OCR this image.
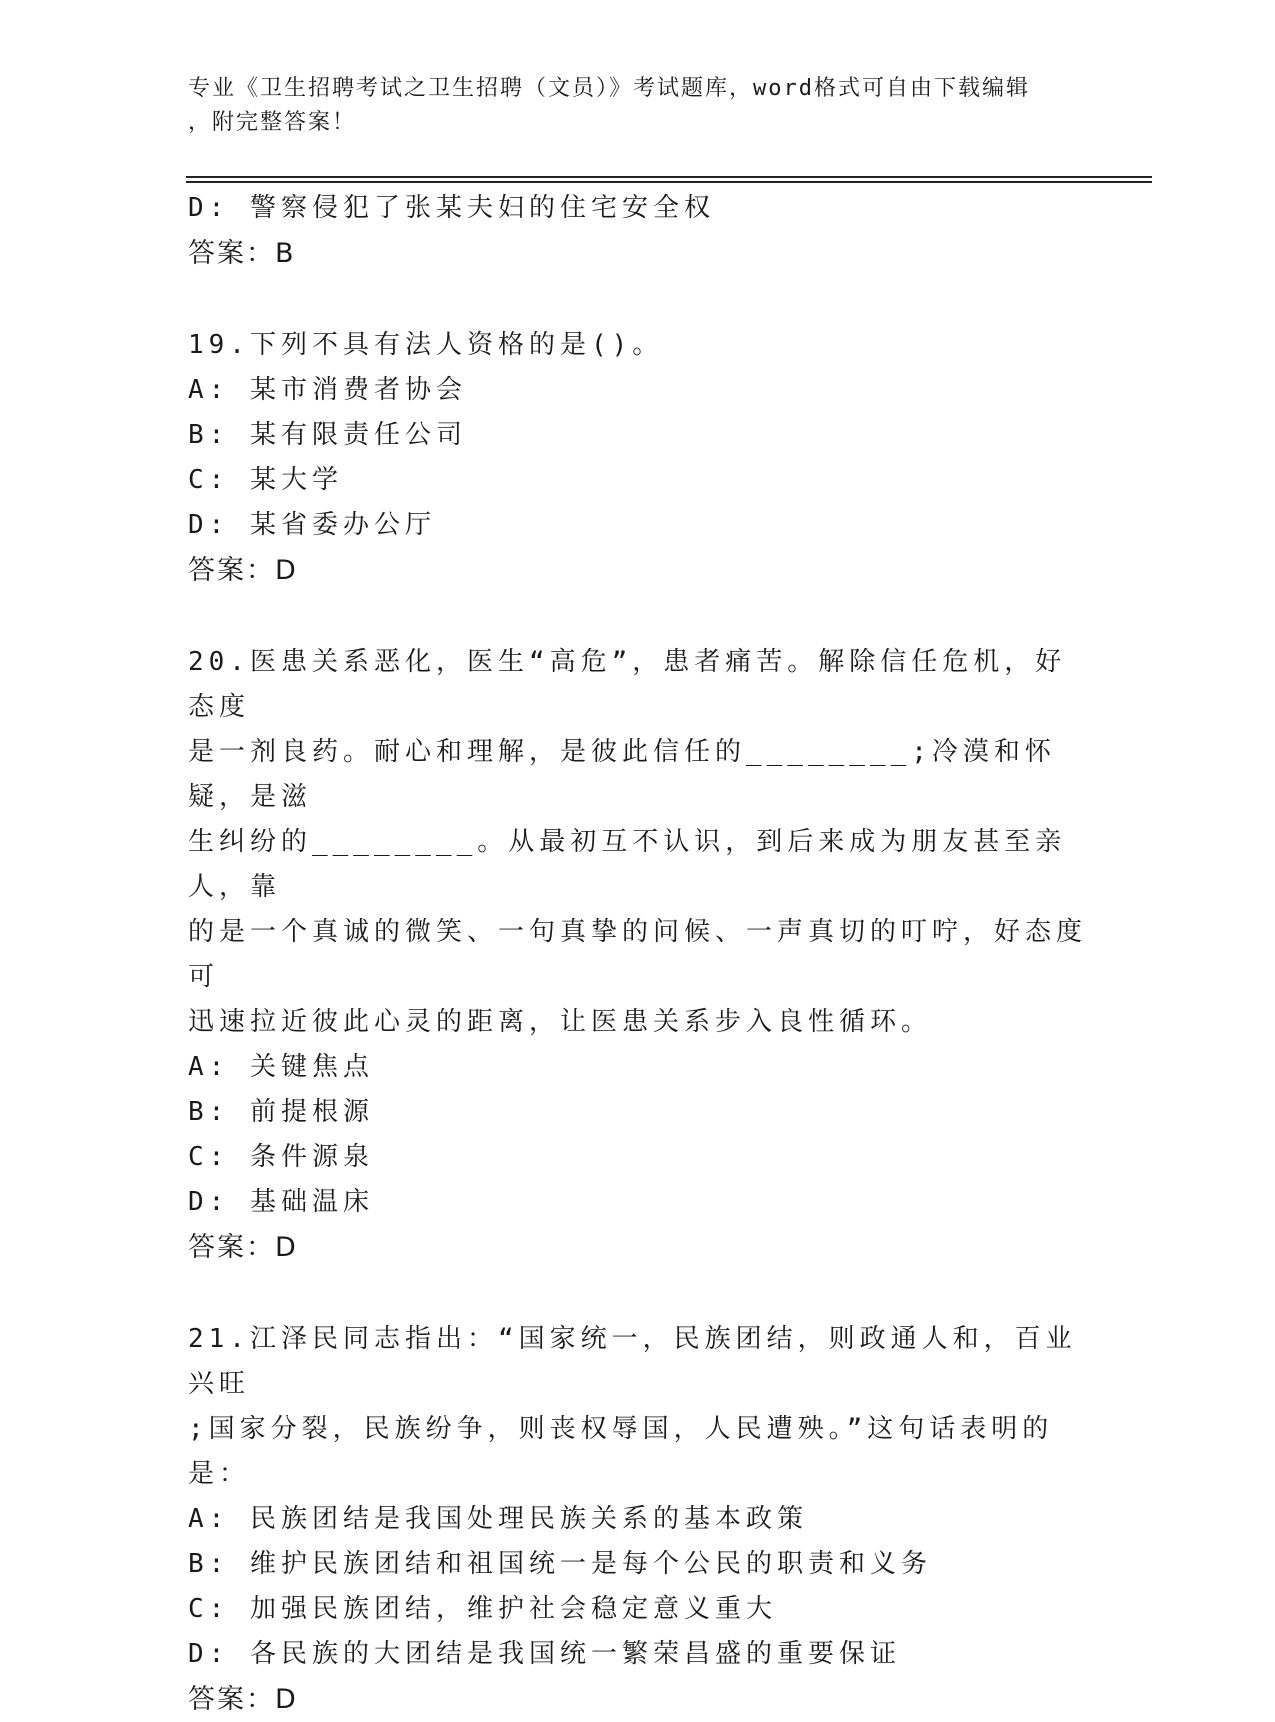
专业《卫生招聘考试之卫生招聘（文员）》考试题库，word格式可自由下载编辑
，附完整答案！
D: 警察侵犯了张某夫妇的住宅安全权
答案：B
19.下列不具有法人资格的是()。
A: 某市消费者协会
B: 某有限责任公司
C: 某大学
D: 某省委办公厅
答案：D
20.医患关系恶化，医生“高危”，患者痛苦。解除信任危机，好态度
是一剂良药。耐心和理解，是彼此信任的________;冷漠和怀疑，是滋
生纠纷的________。从最初互不认识，到后来成为朋友甚至亲人，靠
的是一个真诚的微笑、一句真挚的问候、一声真切的叮咛，好态度可
迅速拉近彼此心灵的距离，让医患关系步入良性循环。
A: 关键焦点
B: 前提根源
C: 条件源泉
D: 基础温床
答案：D
21.江泽民同志指出：“国家统一，民族团结，则政通人和，百业兴旺
;国家分裂，民族纷争，则丧权辱国，人民遭殃。”这句话表明的是：
A: 民族团结是我国处理民族关系的基本政策
B: 维护民族团结和祖国统一是每个公民的职责和义务
C: 加强民族团结，维护社会稳定意义重大
D: 各民族的大团结是我国统一繁荣昌盛的重要保证
答案：D
